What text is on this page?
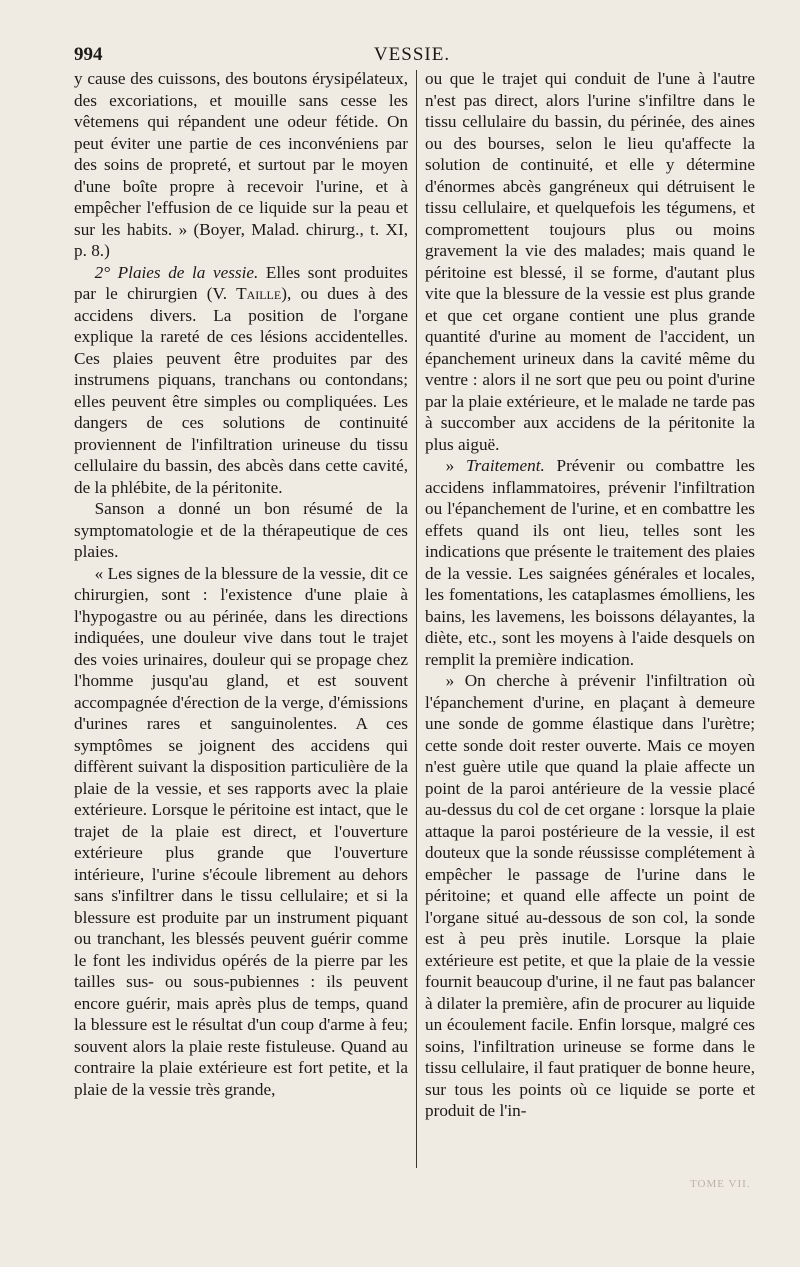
994	VESSIE.

y cause des cuissons, des boutons érysipélateux, des excoriations, et mouille sans cesse les vêtemens qui répandent une odeur fétide. On peut éviter une partie de ces inconvéniens par des soins de propreté, et surtout par le moyen d'une boîte propre à recevoir l'urine, et à empêcher l'effusion de ce liquide sur la peau et sur les habits. » (Boyer, Malad. chirurg., t. XI, p. 8.)

2° Plaies de la vessie. Elles sont produites par le chirurgien (V. Taille), ou dues à des accidens divers. La position de l'organe explique la rareté de ces lésions accidentelles. Ces plaies peuvent être produites par des instrumens piquans, tranchans ou contondans; elles peuvent être simples ou compliquées. Les dangers de ces solutions de continuité proviennent de l'infiltration urineuse du tissu cellulaire du bassin, des abcès dans cette cavité, de la phlébite, de la péritonite.

Sanson a donné un bon résumé de la symptomatologie et de la thérapeutique de ces plaies.

« Les signes de la blessure de la vessie, dit ce chirurgien, sont : l'existence d'une plaie à l'hypogastre ou au périnée, dans les directions indiquées, une douleur vive dans tout le trajet des voies urinaires, douleur qui se propage chez l'homme jusqu'au gland, et est souvent accompagnée d'érection de la verge, d'émissions d'urines rares et sanguinolentes. A ces symptômes se joignent des accidens qui diffèrent suivant la disposition particulière de la plaie de la vessie, et ses rapports avec la plaie extérieure. Lorsque le péritoine est intact, que le trajet de la plaie est direct, et l'ouverture extérieure plus grande que l'ouverture intérieure, l'urine s'écoule librement au dehors sans s'infiltrer dans le tissu cellulaire; et si la blessure est produite par un instrument piquant ou tranchant, les blessés peuvent guérir comme le font les individus opérés de la pierre par les tailles sus- ou sous-pubiennes : ils peuvent encore guérir, mais après plus de temps, quand la blessure est le résultat d'un coup d'arme à feu; souvent alors la plaie reste fistuleuse. Quand au contraire la plaie extérieure est fort petite, et la plaie de la vessie très grande,

ou que le trajet qui conduit de l'une à l'autre n'est pas direct, alors l'urine s'infiltre dans le tissu cellulaire du bassin, du périnée, des aines ou des bourses, selon le lieu qu'affecte la solution de continuité, et elle y détermine d'énormes abcès gangréneux qui détruisent le tissu cellulaire, et quelquefois les tégumens, et compromettent toujours plus ou moins gravement la vie des malades; mais quand le péritoine est blessé, il se forme, d'autant plus vite que la blessure de la vessie est plus grande et que cet organe contient une plus grande quantité d'urine au moment de l'accident, un épanchement urineux dans la cavité même du ventre : alors il ne sort que peu ou point d'urine par la plaie extérieure, et le malade ne tarde pas à succomber aux accidens de la péritonite la plus aiguë.

» Traitement. Prévenir ou combattre les accidens inflammatoires, prévenir l'infiltration ou l'épanchement de l'urine, et en combattre les effets quand ils ont lieu, telles sont les indications que présente le traitement des plaies de la vessie. Les saignées générales et locales, les fomentations, les cataplasmes émolliens, les bains, les lavemens, les boissons délayantes, la diète, etc., sont les moyens à l'aide desquels on remplit la première indication.

» On cherche à prévenir l'infiltration où l'épanchement d'urine, en plaçant à demeure une sonde de gomme élastique dans l'urètre; cette sonde doit rester ouverte. Mais ce moyen n'est guère utile que quand la plaie affecte un point de la paroi antérieure de la vessie placé au-dessus du col de cet organe : lorsque la plaie attaque la paroi postérieure de la vessie, il est douteux que la sonde réussisse complétement à empêcher le passage de l'urine dans le péritoine; et quand elle affecte un point de l'organe situé au-dessous de son col, la sonde est à peu près inutile. Lorsque la plaie extérieure est petite, et que la plaie de la vessie fournit beaucoup d'urine, il ne faut pas balancer à dilater la première, afin de procurer au liquide un écoulement facile. Enfin lorsque, malgré ces soins, l'infiltration urineuse se forme dans le tissu cellulaire, il faut pratiquer de bonne heure, sur tous les points où ce liquide se porte et produit de l'in-

TOME VII.
